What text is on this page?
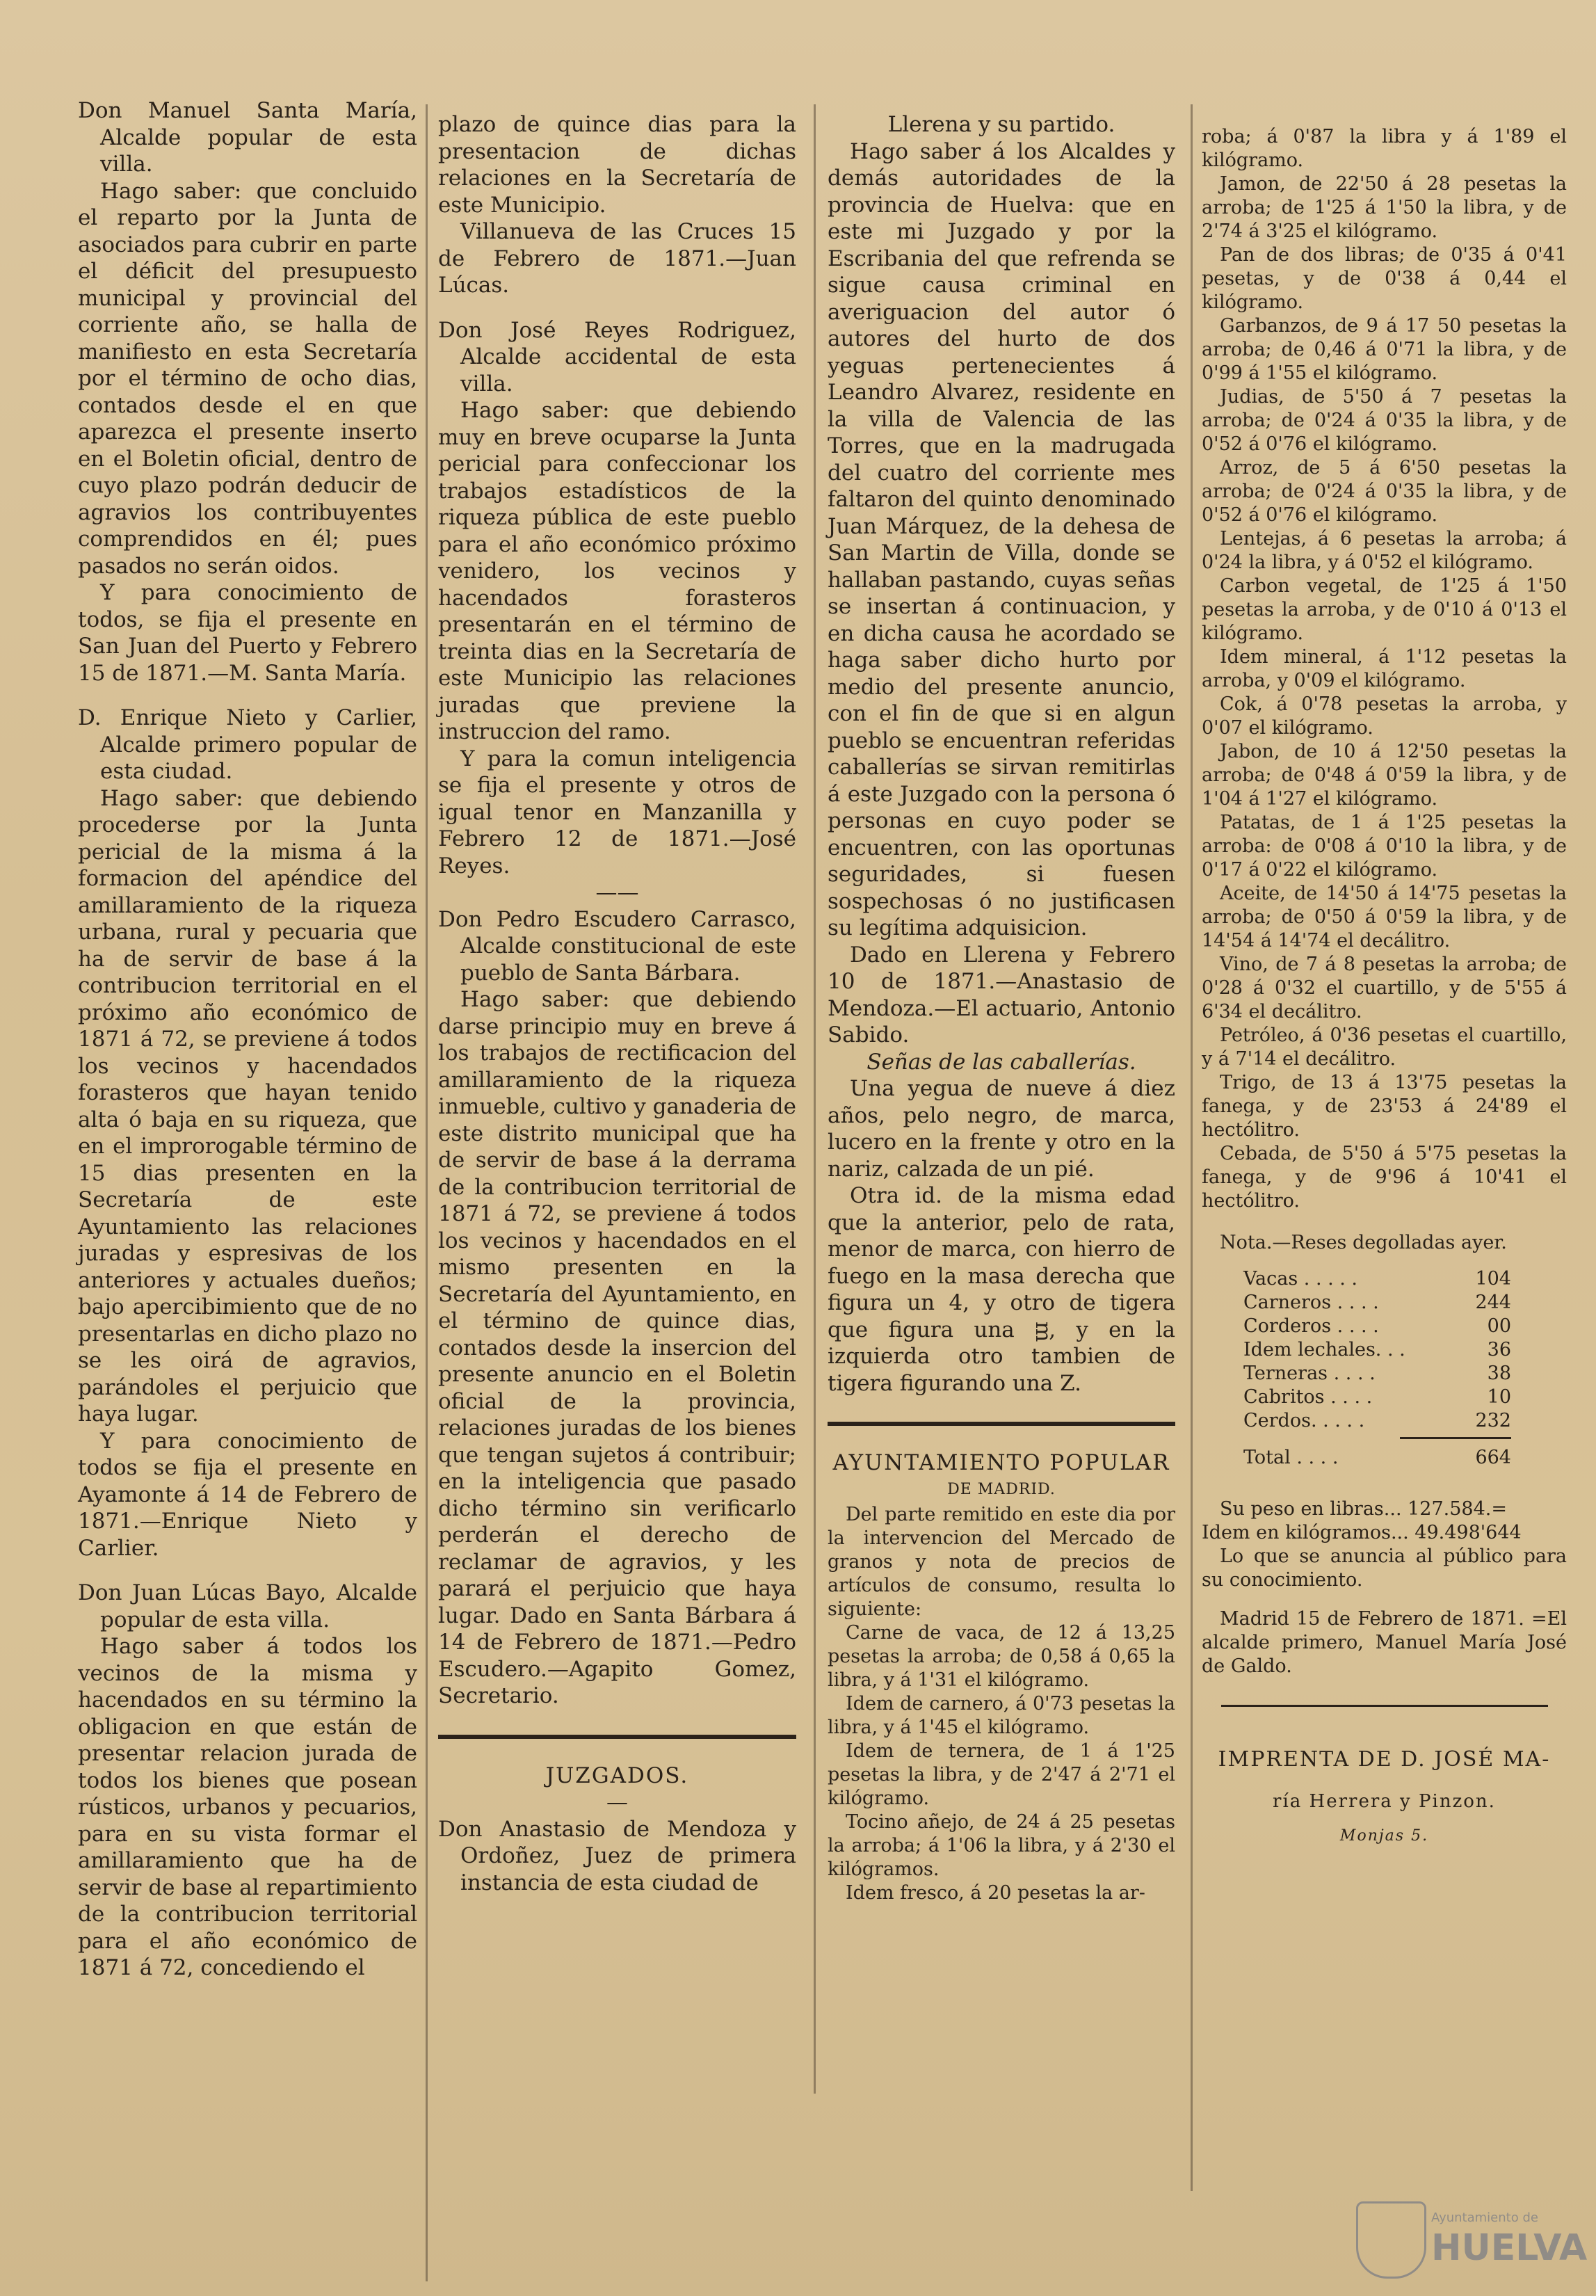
Don Manuel Santa María, Alcalde popular de esta villa.

Hago saber: que concluido el reparto por la Junta de asociados para cubrir en parte el déficit del presupuesto municipal y provincial del corriente año, se halla de manifiesto en esta Secretaría por el término de ocho dias, contados desde el en que aparezca el presente inserto en el Boletin oficial, dentro de cuyo plazo podrán deducir de agravios los contribuyentes comprendidos en él; pues pasados no serán oidos.

Y para conocimiento de todos, se fija el presente en San Juan del Puerto y Febrero 15 de 1871.—M. Santa María.

D. Enrique Nieto y Carlier, Alcalde primero popular de esta ciudad.

Hago saber: que debiendo procederse por la Junta pericial de la misma á la formacion del apéndice del amillaramiento de la riqueza urbana, rural y pecuaria que ha de servir de base á la contribucion territorial en el próximo año económico de 1871 á 72, se previene á todos los vecinos y hacendados forasteros que hayan tenido alta ó baja en su riqueza, que en el improrogable término de 15 dias presenten en la Secretaría de este Ayuntamiento las relaciones juradas y espresivas de los anteriores y actuales dueños; bajo apercibimiento que de no presentarlas en dicho plazo no se les oirá de agravios, parándoles el perjuicio que haya lugar.

Y para conocimiento de todos se fija el presente en Ayamonte á 14 de Febrero de 1871.—Enrique Nieto y Carlier.

Don Juan Lúcas Bayo, Alcalde popular de esta villa.

Hago saber á todos los vecinos de la misma y hacendados en su término la obligacion en que están de presentar relacion jurada de todos los bienes que posean rústicos, urbanos y pecuarios, para en su vista formar el amillaramiento que ha de servir de base al repartimiento de la contribucion territorial para el año económico de 1871 á 72, concediendo el

plazo de quince dias para la presentacion de dichas relaciones en la Secretaría de este Municipio.

Villanueva de las Cruces 15 de Febrero de 1871.—Juan Lúcas.

Don José Reyes Rodriguez, Alcalde accidental de esta villa.

Hago saber: que debiendo muy en breve ocuparse la Junta pericial para confeccionar los trabajos estadísticos de la riqueza pública de este pueblo para el año económico próximo venidero, los vecinos y hacendados forasteros presentarán en el término de treinta dias en la Secretaría de este Municipio las relaciones juradas que previene la instruccion del ramo.

Y para la comun inteligencia se fija el presente y otros de igual tenor en Manzanilla y Febrero 12 de 1871.—José Reyes.

——

Don Pedro Escudero Carrasco, Alcalde constitucional de este pueblo de Santa Bárbara.

Hago saber: que debiendo darse principio muy en breve á los trabajos de rectificacion del amillaramiento de la riqueza inmueble, cultivo y ganaderia de este distrito municipal que ha de servir de base á la derrama de la contribucion territorial de 1871 á 72, se previene á todos los vecinos y hacendados en el mismo presenten en la Secretaría del Ayuntamiento, en el término de quince dias, contados desde la insercion del presente anuncio en el Boletin oficial de la provincia, relaciones juradas de los bienes que tengan sujetos á contribuir; en la inteligencia que pasado dicho término sin verificarlo perderán el derecho de reclamar de agravios, y les parará el perjuicio que haya lugar. Dado en Santa Bárbara á 14 de Febrero de 1871.—Pedro Escudero.—Agapito Gomez, Secretario.

JUZGADOS.

—

Don Anastasio de Mendoza y Ordoñez, Juez de primera instancia de esta ciudad de

Llerena y su partido.

Hago saber á los Alcaldes y demás autoridades de la provincia de Huelva: que en este mi Juzgado y por la Escribania del que refrenda se sigue causa criminal en averiguacion del autor ó autores del hurto de dos yeguas pertenecientes á Leandro Alvarez, residente en la villa de Valencia de las Torres, que en la madrugada del cuatro del corriente mes faltaron del quinto denominado Juan Márquez, de la dehesa de San Martin de Villa, donde se hallaban pastando, cuyas señas se insertan á continuacion, y en dicha causa he acordado se haga saber dicho hurto por medio del presente anuncio, con el fin de que si en algun pueblo se encuentran referidas caballerías se sirvan remitirlas á este Juzgado con la persona ó personas en cuyo poder se encuentren, con las oportunas seguridades, si fuesen sospechosas ó no justificasen su legítima adquisicion.

Dado en Llerena y Febrero 10 de 1871.—Anastasio de Mendoza.—El actuario, Antonio Sabido.

Señas de las caballerías.

Una yegua de nueve á diez años, pelo negro, de marca, lucero en la frente y otro en la nariz, calzada de un pié.

Otra id. de la misma edad que la anterior, pelo de rata, menor de marca, con hierro de fuego en la masa derecha que figura un 4, y otro de tigera que figura una ᴟ, y en la izquierda otro tambien de tigera figurando una Z.

AYUNTAMIENTO POPULAR

DE MADRID.

Del parte remitido en este dia por la intervencion del Mercado de granos y nota de precios de artículos de consumo, resulta lo siguiente:

Carne de vaca, de 12 á 13,25 pesetas la arroba; de 0,58 á 0,65 la libra, y á 1'31 el kilógramo.

Idem de carnero, á 0'73 pesetas la libra, y á 1'45 el kilógramo.

Idem de ternera, de 1 á 1'25 pesetas la libra, y de 2'47 á 2'71 el kilógramo.

Tocino añejo, de 24 á 25 pesetas la arroba; á 1'06 la libra, y á 2'30 el kilógramos.

Idem fresco, á 20 pesetas la ar-

roba; á 0'87 la libra y á 1'89 el kilógramo.

Jamon, de 22'50 á 28 pesetas la arroba; de 1'25 á 1'50 la libra, y de 2'74 á 3'25 el kilógramo.

Pan de dos libras; de 0'35 á 0'41 pesetas, y de 0'38 á 0,44 el kilógramo.

Garbanzos, de 9 á 17 50 pesetas la arroba; de 0,46 á 0'71 la libra, y de 0'99 á 1'55 el kilógramo.

Judias, de 5'50 á 7 pesetas la arroba; de 0'24 á 0'35 la libra, y de 0'52 á 0'76 el kilógramo.

Arroz, de 5 á 6'50 pesetas la arroba; de 0'24 á 0'35 la libra, y de 0'52 á 0'76 el kilógramo.

Lentejas, á 6 pesetas la arroba; á 0'24 la libra, y á 0'52 el kilógramo.

Carbon vegetal, de 1'25 á 1'50 pesetas la arroba, y de 0'10 á 0'13 el kilógramo.

Idem mineral, á 1'12 pesetas la arroba, y 0'09 el kilógramo.

Cok, á 0'78 pesetas la arroba, y 0'07 el kilógramo.

Jabon, de 10 á 12'50 pesetas la arroba; de 0'48 á 0'59 la libra, y de 1'04 á 1'27 el kilógramo.

Patatas, de 1 á 1'25 pesetas la arroba: de 0'08 á 0'10 la libra, y de 0'17 á 0'22 el kilógramo.

Aceite, de 14'50 á 14'75 pesetas la arroba; de 0'50 á 0'59 la libra, y de 14'54 á 14'74 el decálitro.

Vino, de 7 á 8 pesetas la arroba; de 0'28 á 0'32 el cuartillo, y de 5'55 á 6'34 el decálitro.

Petróleo, á 0'36 pesetas el cuartillo, y á 7'14 el decálitro.

Trigo, de 13 á 13'75 pesetas la fanega, y de 23'53 á 24'89 el hectólitro.

Cebada, de 5'50 á 5'75 pesetas la fanega, y de 9'96 á 10'41 el hectólitro.

Nota.—Reses degolladas ayer.

Vacas . . . . .	104
Carneros . . . .	244
Corderos . . . .	00
Idem lechales. . .	36
Terneras . . . .	38
Cabritos . . . .	10
Cerdos. . . . .	232
Total . . . .	664

Su peso en libras... 127.584.=

Idem en kilógramos... 49.498'644

Lo que se anuncia al público para su conocimiento.

Madrid 15 de Febrero de 1871. =El alcalde primero, Manuel María José de Galdo.

IMPRENTA DE D. JOSÉ MA-
ría Herrera y Pinzon.
Monjas 5.
Ayuntamiento de
HUELVA
